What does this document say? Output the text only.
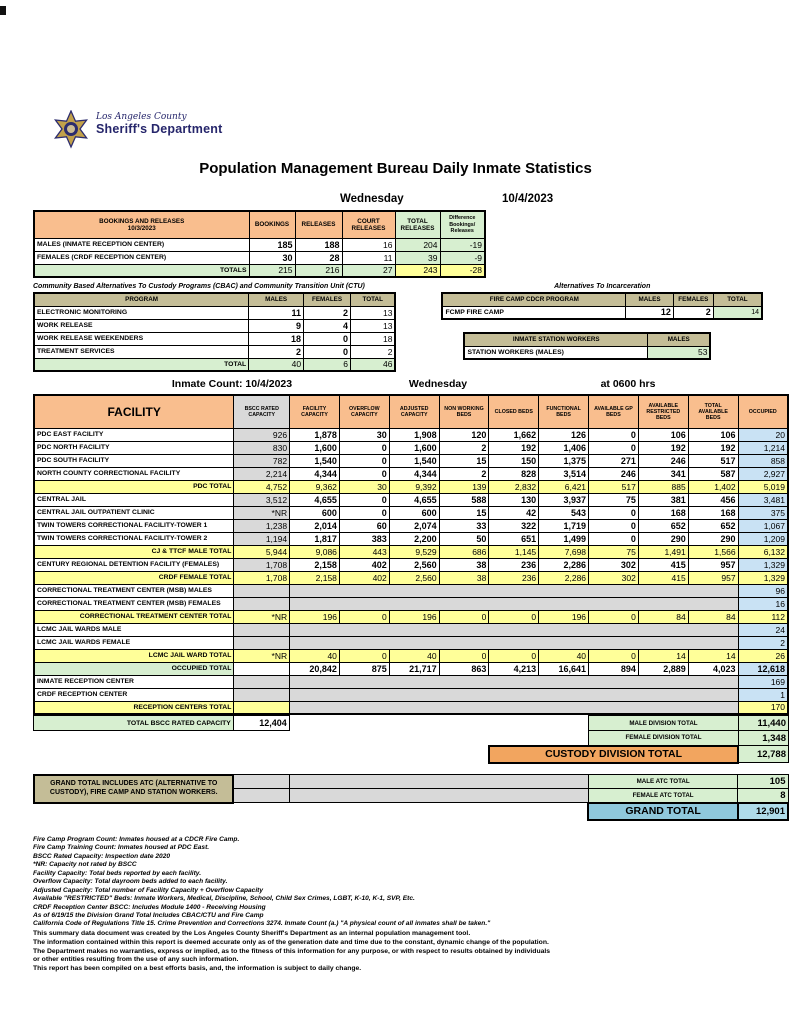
Los Angeles County
Sheriff's Department
Population Management Bureau Daily Inmate Statistics
Wednesday	10/4/2023
BOOKINGS AND RELEASES
10/3/2023	BOOKINGS	RELEASES	COURT RELEASES	TOTAL RELEASES	Difference Bookings/ Releases
MALES (INMATE RECEPTION CENTER)	185	188	16	204	-19
FEMALES (CRDF RECEPTION CENTER)	30	28	11	39	-9
TOTALS	215	216	27	243	-28
Community Based Alternatives To Custody Programs (CBAC) and Community Transition Unit (CTU)
PROGRAM	MALES	FEMALES	TOTAL
ELECTRONIC MONITORING	11	2	13
WORK RELEASE	9	4	13
WORK RELEASE WEEKENDERS	18	0	18
TREATMENT SERVICES	2	0	2
TOTAL	40	6	46
Alternatives To Incarceration
FIRE CAMP CDCR PROGRAM	MALES	FEMALES	TOTAL
FCMP FIRE CAMP	12	2	14
INMATE STATION WORKERS	MALES
STATION WORKERS (MALES)	53
Inmate Count: 10/4/2023	Wednesday	at 0600 hrs
FACILITY	BSCC RATED CAPACITY	FACILITY CAPACITY	OVERFLOW CAPACITY	ADJUSTED CAPACITY	NON WORKING BEDS	CLOSED BEDS	FUNCTIONAL BEDS	AVAILABLE GP BEDS	AVAILABLE RESTRICTED BEDS	TOTAL AVAILABLE BEDS	OCCUPIED
PDC EAST FACILITY	926	1,878	30	1,908	120	1,662	126	0	106	106	20
PDC NORTH FACILITY	830	1,600	0	1,600	2	192	1,406	0	192	192	1,214
PDC SOUTH FACILITY	782	1,540	0	1,540	15	150	1,375	271	246	517	858
NORTH COUNTY CORRECTIONAL FACILITY	2,214	4,344	0	4,344	2	828	3,514	246	341	587	2,927
PDC TOTAL	4,752	9,362	30	9,392	139	2,832	6,421	517	885	1,402	5,019
CENTRAL JAIL	3,512	4,655	0	4,655	588	130	3,937	75	381	456	3,481
CENTRAL JAIL OUTPATIENT CLINIC	*NR	600	0	600	15	42	543	0	168	168	375
TWIN TOWERS CORRECTIONAL FACILITY-TOWER 1	1,238	2,014	60	2,074	33	322	1,719	0	652	652	1,067
TWIN TOWERS CORRECTIONAL FACILITY-TOWER 2	1,194	1,817	383	2,200	50	651	1,499	0	290	290	1,209
CJ & TTCF MALE TOTAL	5,944	9,086	443	9,529	686	1,145	7,698	75	1,491	1,566	6,132
CENTURY REGIONAL DETENTION FACILITY (FEMALES)	1,708	2,158	402	2,560	38	236	2,286	302	415	957	1,329
CRDF FEMALE TOTAL	1,708	2,158	402	2,560	38	236	2,286	302	415	957	1,329
CORRECTIONAL TREATMENT CENTER (MSB) MALES											96
CORRECTIONAL TREATMENT CENTER (MSB) FEMALES											16
CORRECTIONAL TREATMENT CENTER TOTAL	*NR	196	0	196	0	0	196	0	84	84	112
LCMC JAIL WARDS MALE											24
LCMC JAIL WARDS FEMALE											2
LCMC JAIL WARD TOTAL	*NR	40	0	40	0	0	40	0	14	14	26
OCCUPIED TOTAL		20,842	875	21,717	863	4,213	16,641	894	2,889	4,023	12,618
INMATE RECEPTION CENTER											169
CRDF RECEPTION CENTER											1
RECEPTION CENTERS TOTAL											170
TOTAL BSCC RATED CAPACITY	12,404			MALE DIVISION TOTAL	11,440
				FEMALE DIVISION TOTAL	1,348
			CUSTODY DIVISION TOTAL		12,788
GRAND TOTAL INCLUDES ATC (ALTERNATIVE TO CUSTODY), FIRE CAMP AND STATION WORKERS.			MALE ATC TOTAL	105
			FEMALE ATC TOTAL	8
			GRAND TOTAL	12,901
Fire Camp Program Count: Inmates housed at a CDCR Fire Camp.
Fire Camp Training Count: Inmates housed at PDC East.
BSCC Rated Capacity: Inspection date 2020
*NR: Capacity not rated by BSCC
Facility Capacity: Total beds reported by each facility.
Overflow Capacity: Total dayroom beds added to each facility.
Adjusted Capacity: Total number of Facility Capacity + Overflow Capacity
Available "RESTRICTED" Beds: Inmate Workers, Medical, Discipline, School, Child Sex Crimes, LGBT, K-10, K-1, SVP, Etc.
CRDF Reception Center BSCC: Includes Module 1400 - Receiving Housing
As of 6/19/15 the Division Grand Total Includes CBAC/CTU and Fire Camp
California Code of Regulations Title 15. Crime Prevention and Corrections 3274. Inmate Count (a.) "A physical count of all inmates shall be taken."
This summary data document was created by the Los Angeles County Sheriff's Department as an internal population management tool.
The information contained within this report is deemed accurate only as of the generation date and time due to the constant, dynamic change of the population.
The Department makes no warranties, express or implied, as to the fitness of this information for any purpose, or with respect to results obtained by individuals
or other entities resulting from the use of any such information.
This report has been compiled on a best efforts basis, and, the information is subject to daily change.
